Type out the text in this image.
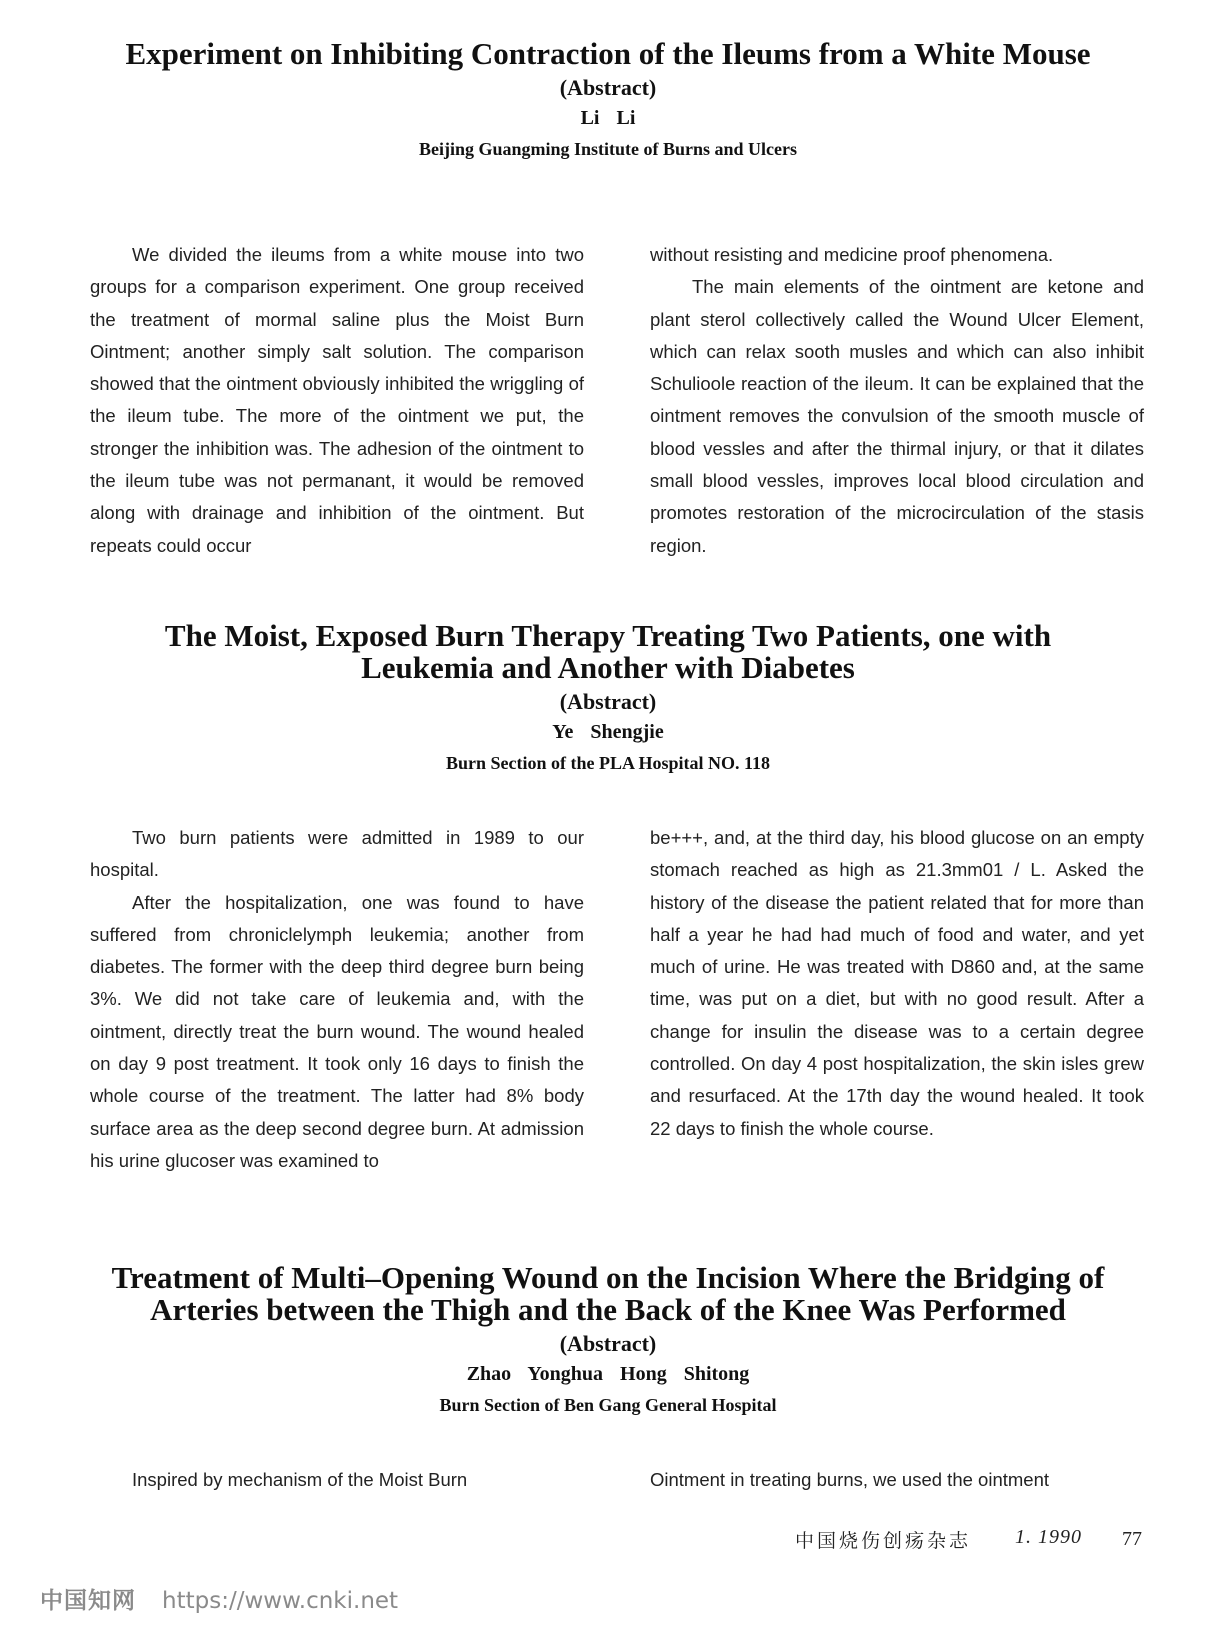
Experiment on Inhibiting Contraction of the Ileums from a White Mouse
(Abstract)
Li Li
Beijing Guangming Institute of Burns and Ulcers

We divided the ileums from a white mouse into two groups for a comparison experiment. One group received the treatment of mormal saline plus the Moist Burn Ointment; another simply salt solution. The comparison showed that the ointment obviously inhibited the wriggling of the ileum tube. The more of the ointment we put, the stronger the inhibition was. The adhesion of the ointment to the ileum tube was not permanant, it would be removed along with drainage and inhibition of the ointment. But repeats could occur

without resisting and medicine proof phenomena.

The main elements of the ointment are ketone and plant sterol collectively called the Wound Ulcer Element, which can relax sooth musles and which can also inhibit Schulioole reaction of the ileum. It can be explained that the ointment removes the convulsion of the smooth muscle of blood vessles and after the thirmal injury, or that it dilates small blood vessles, improves local blood circulation and promotes restoration of the microcirculation of the stasis region.

The Moist, Exposed Burn Therapy Treating Two Patients, one with Leukemia and Another with Diabetes
(Abstract)
Ye Shengjie
Burn Section of the PLA Hospital NO. 118

Two burn patients were admitted in 1989 to our hospital.

After the hospitalization, one was found to have suffered from chroniclelymph leukemia; another from diabetes. The former with the deep third degree burn being 3%. We did not take care of leukemia and, with the ointment, directly treat the burn wound. The wound healed on day 9 post treatment. It took only 16 days to finish the whole course of the treatment. The latter had 8% body surface area as the deep second degree burn. At admission his urine glucoser was examined to

be+++, and, at the third day, his blood glucose on an empty stomach reached as high as 21.3mm01 / L. Asked the history of the disease the patient related that for more than half a year he had had much of food and water, and yet much of urine. He was treated with D860 and, at the same time, was put on a diet, but with no good result. After a change for insulin the disease was to a certain degree controlled. On day 4 post hospitalization, the skin isles grew and resurfaced. At the 17th day the wound healed. It took 22 days to finish the whole course.

Treatment of Multi–Opening Wound on the Incision Where the Bridging of Arteries between the Thigh and the Back of the Knee Was Performed
(Abstract)
Zhao Yonghua Hong Shitong
Burn Section of Ben Gang General Hospital

Inspired by mechanism of the Moist Burn	Ointment in treating burns, we used the ointment

中国烧伤创疡杂志 1. 1990 77
中国知网 https://www.cnki.net
